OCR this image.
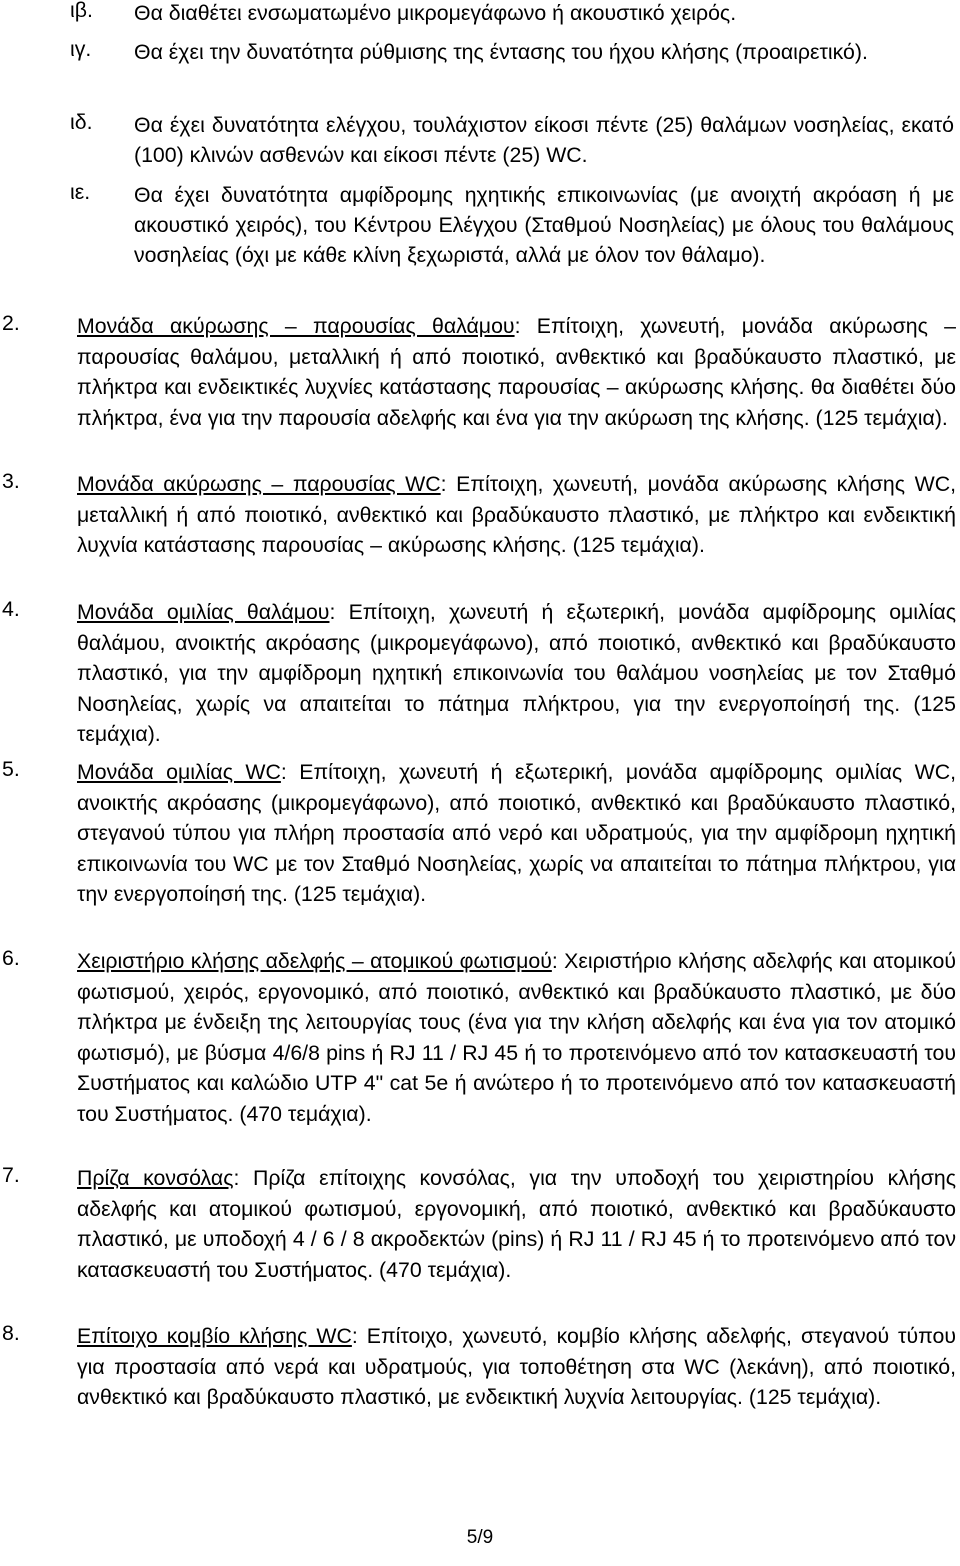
ιβ. Θα διαθέτει ενσωματωμένο μικρομεγάφωνο ή ακουστικό χειρός.
ιγ. Θα έχει την δυνατότητα ρύθμισης της έντασης του ήχου κλήσης (προαιρετικό).
ιδ. Θα έχει δυνατότητα ελέγχου, τουλάχιστον είκοσι πέντε (25) θαλάμων νοσηλείας, εκατό (100) κλινών ασθενών και είκοσι πέντε (25) WC.
ιε. Θα έχει δυνατότητα αμφίδρομης ηχητικής επικοινωνίας (με ανοιχτή ακρόαση ή με ακουστικό χειρός), του Κέντρου Ελέγχου (Σταθμού Νοσηλείας) με όλους του θαλάμους νοσηλείας (όχι με κάθε κλίνη ξεχωριστά, αλλά με όλον τον θάλαμο).
2.	Μονάδα ακύρωσης – παρουσίας θαλάμου: Επίτοιχη, χωνευτή, μονάδα ακύρωσης – παρουσίας θαλάμου, μεταλλική ή από ποιοτικό, ανθεκτικό και βραδύκαυστο πλαστικό, με πλήκτρα και ενδεικτικές λυχνίες κατάστασης παρουσίας – ακύρωσης κλήσης. θα διαθέτει δύο πλήκτρα, ένα για την παρουσία αδελφής και ένα για την ακύρωση της κλήσης. (125 τεμάχια).
3.	Μονάδα ακύρωσης – παρουσίας WC: Επίτοιχη, χωνευτή, μονάδα ακύρωσης κλήσης WC, μεταλλική ή από ποιοτικό, ανθεκτικό και βραδύκαυστο πλαστικό, με πλήκτρο και ενδεικτική λυχνία κατάστασης παρουσίας – ακύρωσης κλήσης. (125 τεμάχια).
4.	Μονάδα ομιλίας θαλάμου: Επίτοιχη, χωνευτή ή εξωτερική, μονάδα αμφίδρομης ομιλίας θαλάμου, ανοικτής ακρόασης (μικρομεγάφωνο), από ποιοτικό, ανθεκτικό και βραδύκαυστο πλαστικό, για την αμφίδρομη ηχητική επικοινωνία του θαλάμου νοσηλείας με τον Σταθμό Νοσηλείας, χωρίς να απαιτείται το πάτημα πλήκτρου, για την ενεργοποίησή της. (125 τεμάχια).
5.	Μονάδα ομιλίας WC: Επίτοιχη, χωνευτή ή εξωτερική, μονάδα αμφίδρομης ομιλίας WC, ανοικτής ακρόασης (μικρομεγάφωνο), από ποιοτικό, ανθεκτικό και βραδύκαυστο πλαστικό, στεγανού τύπου για πλήρη προστασία από νερό και υδρατμούς, για την αμφίδρομη ηχητική επικοινωνία του WC με τον Σταθμό Νοσηλείας, χωρίς να απαιτείται το πάτημα πλήκτρου, για την ενεργοποίησή της. (125 τεμάχια).
6.	Χειριστήριο κλήσης αδελφής – ατομικού φωτισμού: Χειριστήριο κλήσης αδελφής και ατομικού φωτισμού, χειρός, εργονομικό, από ποιοτικό, ανθεκτικό και βραδύκαυστο πλαστικό, με δύο πλήκτρα με ένδειξη της λειτουργίας τους (ένα για την κλήση αδελφής και ένα για τον ατομικό φωτισμό), με βύσμα 4/6/8 pins ή RJ 11 / RJ 45 ή το προτεινόμενο από τον κατασκευαστή του Συστήματος και καλώδιο UTP 4" cat 5e ή ανώτερο ή το προτεινόμενο από τον κατασκευαστή του Συστήματος. (470 τεμάχια).
7.	Πρίζα κονσόλας: Πρίζα επίτοιχης κονσόλας, για την υποδοχή του χειριστηρίου κλήσης αδελφής και ατομικού φωτισμού, εργονομική, από ποιοτικό, ανθεκτικό και βραδύκαυστο πλαστικό, με υποδοχή 4 / 6 / 8 ακροδεκτών (pins) ή RJ 11 / RJ 45 ή το προτεινόμενο από τον κατασκευαστή του Συστήματος. (470 τεμάχια).
8.	Επίτοιχο κομβίο κλήσης WC: Επίτοιχο, χωνευτό, κομβίο κλήσης αδελφής, στεγανού τύπου για προστασία από νερά και υδρατμούς, για τοποθέτηση στα WC (λεκάνη), από ποιοτικό, ανθεκτικό και βραδύκαυστο πλαστικό, με ενδεικτική λυχνία λειτουργίας. (125 τεμάχια).
5/9
